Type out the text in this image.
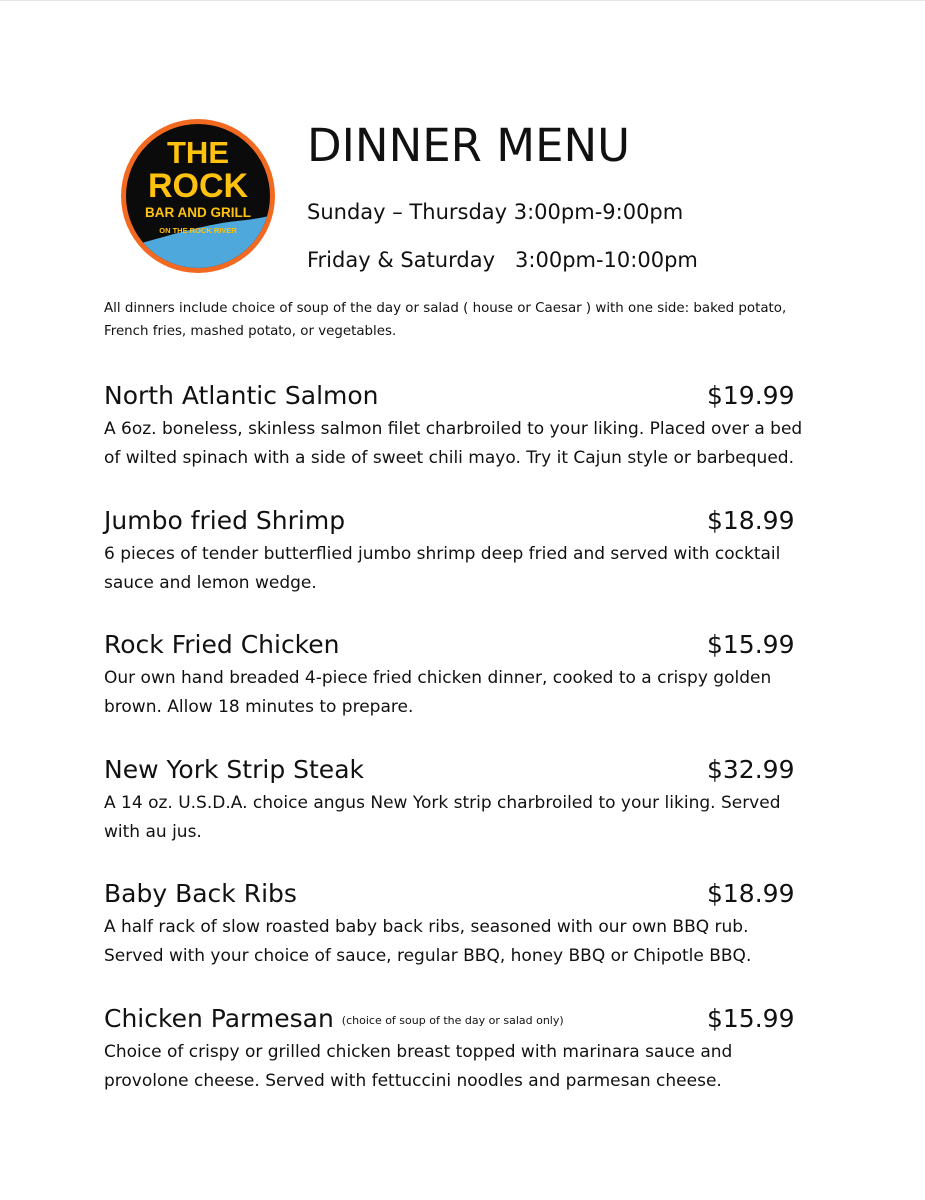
THE
ROCK
BAR AND GRILL
ON THE ROCK RIVER
DINNER MENU
Sunday – Thursday 3:00pm-9:00pm
Friday & Saturday   3:00pm-10:00pm
All dinners include choice of soup of the day or salad ( house or Caesar ) with one side: baked potato, French fries, mashed potato, or vegetables.
North Atlantic Salmon	$19.99
A 6oz. boneless, skinless salmon filet charbroiled to your liking. Placed over a bed of wilted spinach with a side of sweet chili mayo. Try it Cajun style or barbequed.
Jumbo fried Shrimp	$18.99
6 pieces of tender butterflied jumbo shrimp deep fried and served with cocktail sauce and lemon wedge.
Rock Fried Chicken	$15.99
Our own hand breaded 4-piece fried chicken dinner, cooked to a crispy golden brown. Allow 18 minutes to prepare.
New York Strip Steak	$32.99
A 14 oz. U.S.D.A. choice angus New York strip charbroiled to your liking. Served with au jus.
Baby Back Ribs	$18.99
A half rack of slow roasted baby back ribs, seasoned with our own BBQ rub. Served with your choice of sauce, regular BBQ, honey BBQ or Chipotle BBQ.
Chicken Parmesan (choice of soup of the day or salad only)	$15.99
Choice of crispy or grilled chicken breast topped with marinara sauce and provolone cheese. Served with fettuccini noodles and parmesan cheese.
